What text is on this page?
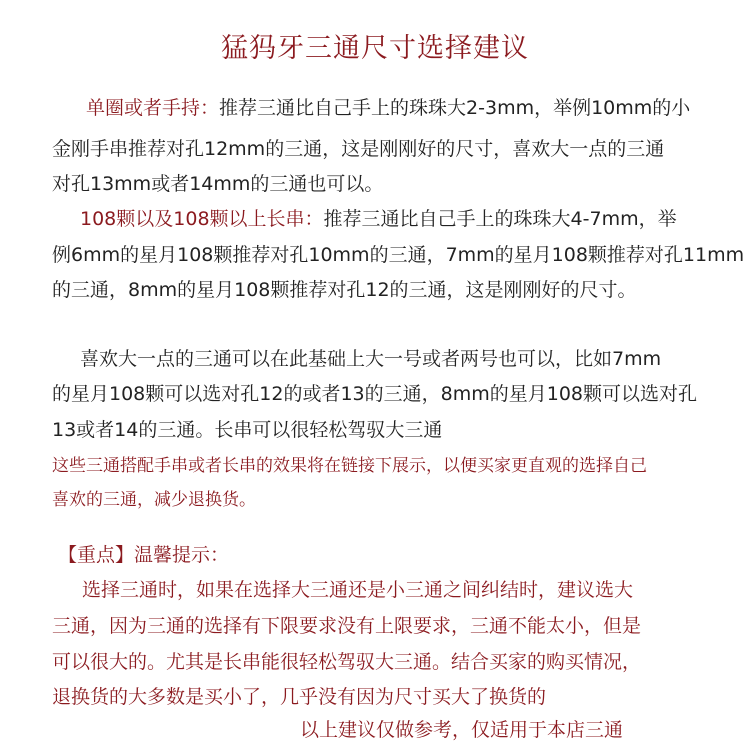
猛犸牙三通尺寸选择建议
单圈或者手持：推荐三通比自己手上的珠珠大2-3mm，举例10mm的小
金刚手串推荐对孔12mm的三通，这是刚刚好的尺寸，喜欢大一点的三通
对孔13mm或者14mm的三通也可以。
108颗以及108颗以上长串：推荐三通比自己手上的珠珠大4-7mm，举
例6mm的星月108颗推荐对孔10mm的三通，7mm的星月108颗推荐对孔11mm
的三通，8mm的星月108颗推荐对孔12的三通，这是刚刚好的尺寸。
喜欢大一点的三通可以在此基础上大一号或者两号也可以，比如7mm
的星月108颗可以选对孔12的或者13的三通，8mm的星月108颗可以选对孔
13或者14的三通。长串可以很轻松驾驭大三通
这些三通搭配手串或者长串的效果将在链接下展示，以便买家更直观的选择自己
喜欢的三通，减少退换货。
【重点】温馨提示：
选择三通时，如果在选择大三通还是小三通之间纠结时，建议选大
三通，因为三通的选择有下限要求没有上限要求，三通不能太小，但是
可以很大的。尤其是长串能很轻松驾驭大三通。结合买家的购买情况，
退换货的大多数是买小了，几乎没有因为尺寸买大了换货的
以上建议仅做参考，仅适用于本店三通
